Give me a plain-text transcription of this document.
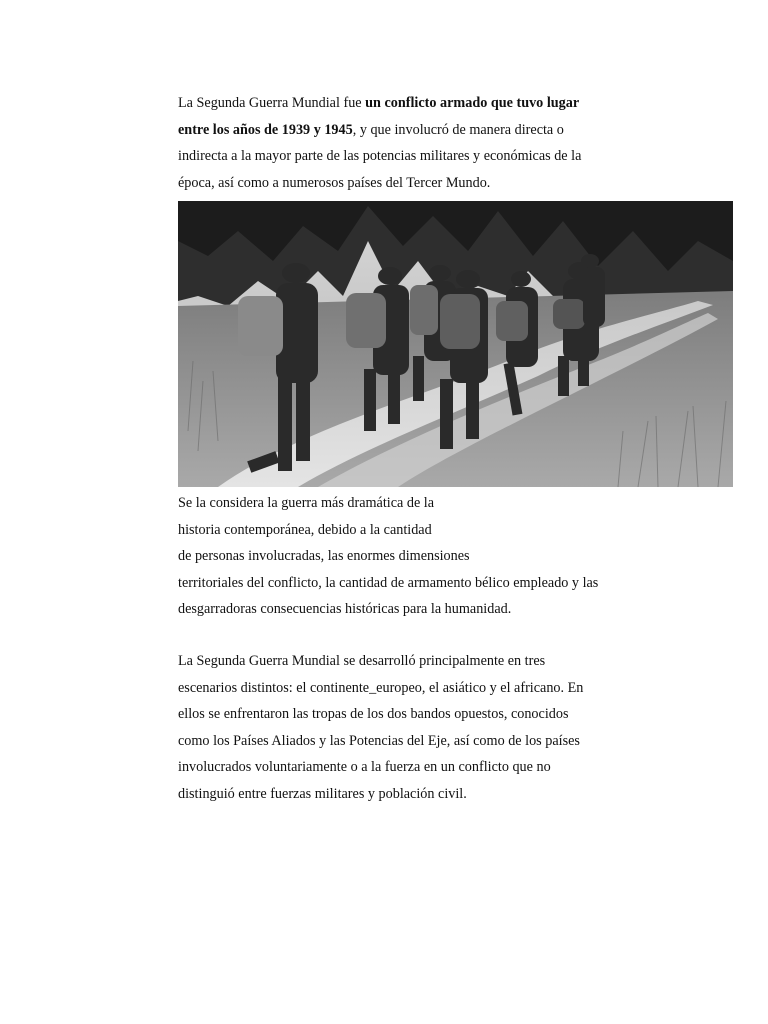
La Segunda Guerra Mundial fue un conflicto armado que tuvo lugar
entre los años de 1939 y 1945, y que involucró de manera directa o
indirecta a la mayor parte de las potencias militares y económicas de la
época, así como a numerosos países del Tercer Mundo.

Se la considera la guerra más dramática de la
historia contemporánea, debido a la cantidad
de personas involucradas, las enormes dimensiones
territoriales del conflicto, la cantidad de armamento bélico empleado y las
desgarradoras consecuencias históricas para la humanidad.

La Segunda Guerra Mundial se desarrolló principalmente en tres
escenarios distintos: el continente_europeo, el asiático y el africano. En
ellos se enfrentaron las tropas de los dos bandos opuestos, conocidos
como los Países Aliados y las Potencias del Eje, así como de los países
involucrados voluntariamente o a la fuerza en un conflicto que no
distinguió entre fuerzas militares y población civil.
